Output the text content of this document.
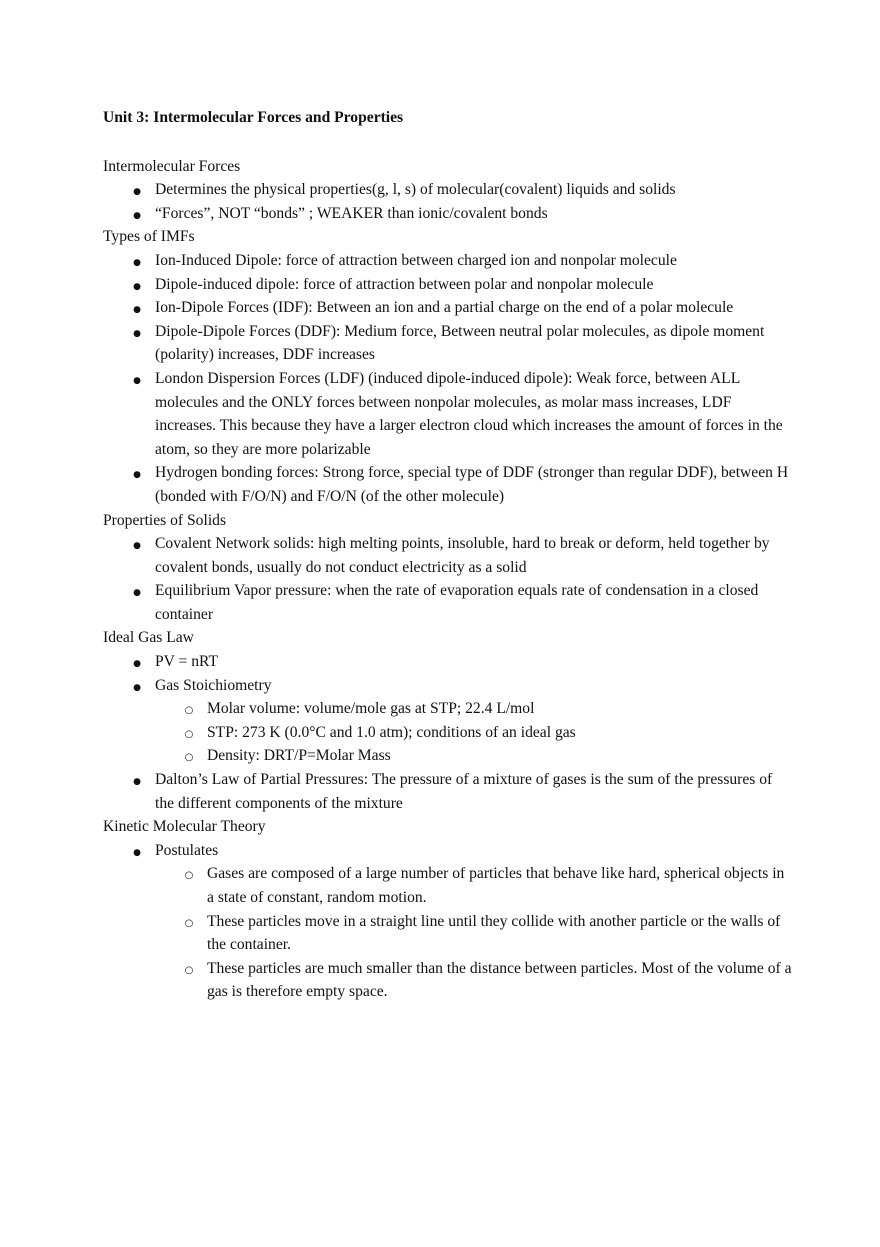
Unit 3: Intermolecular Forces and Properties

Intermolecular Forces

●
Determines the physical properties(g, l, s) of molecular(covalent) liquids and solids
●
“Forces”, NOT “bonds” ; WEAKER than ionic/covalent bonds

Types of IMFs

●
Ion-Induced Dipole: force of attraction between charged ion and nonpolar molecule
●
Dipole-induced dipole: force of attraction between polar and nonpolar molecule
●
Ion-Dipole Forces (IDF): Between an ion and a partial charge on the end of a polar molecule
●
Dipole-Dipole Forces (DDF): Medium force, Between neutral polar molecules, as dipole moment (polarity) increases, DDF increases
●
London Dispersion Forces (LDF) (induced dipole-induced dipole): Weak force, between ALL molecules and the ONLY forces between nonpolar molecules, as molar mass increases, LDF increases. This because they have a larger electron cloud which increases the amount of forces in the atom, so they are more polarizable
●
Hydrogen bonding forces: Strong force, special type of DDF (stronger than regular DDF), between H (bonded with F/O/N) and F/O/N (of the other molecule)

Properties of Solids

●
Covalent Network solids: high melting points, insoluble, hard to break or deform, held together by covalent bonds, usually do not conduct electricity as a solid
●
Equilibrium Vapor pressure: when the rate of evaporation equals rate of condensation in a closed container

Ideal Gas Law

●
PV = nRT
●
Gas Stoichiometry
○
Molar volume: volume/mole gas at STP; 22.4 L/mol
○
STP: 273 K (0.0°C and 1.0 atm); conditions of an ideal gas
○
Density: DRT/P=Molar Mass
●
Dalton’s Law of Partial Pressures: The pressure of a mixture of gases is the sum of the pressures of the different components of the mixture

Kinetic Molecular Theory

●
Postulates
○
Gases are composed of a large number of particles that behave like hard, spherical objects in a state of constant, random motion.
○
These particles move in a straight line until they collide with another particle or the walls of the container.
○
These particles are much smaller than the distance between particles. Most of the volume of a gas is therefore empty space.
